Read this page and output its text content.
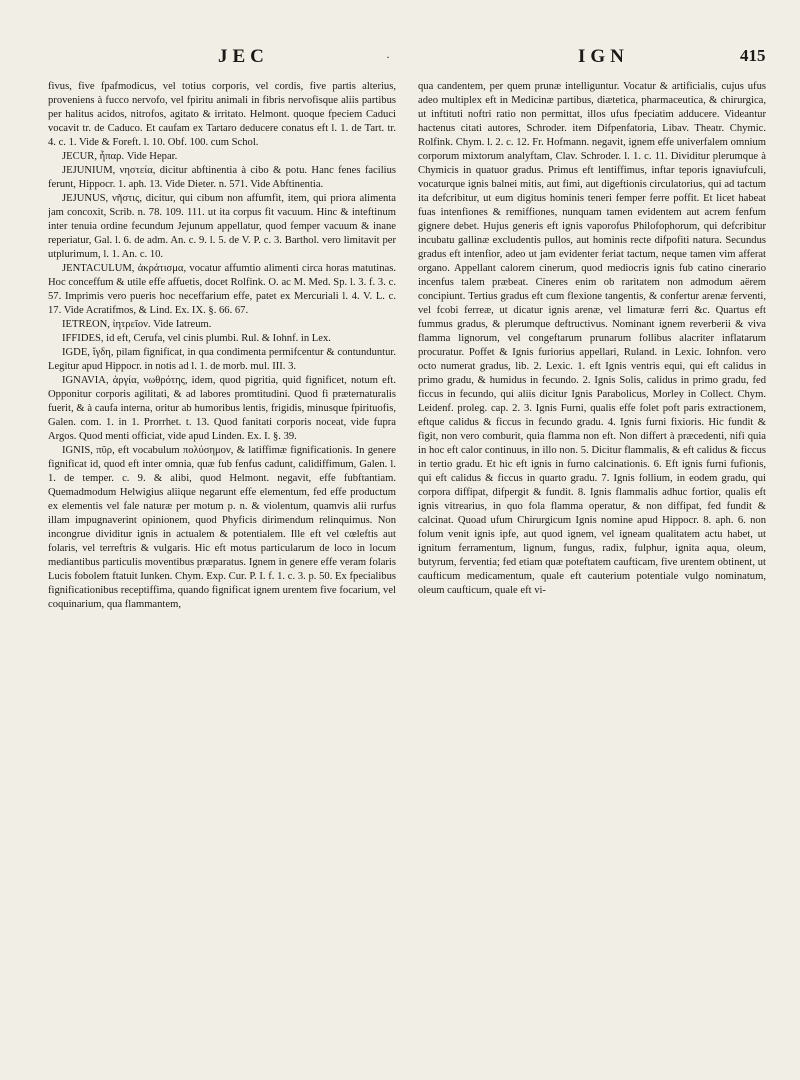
JEC	·	IGN	415

fivus, five fpafmodicus, vel totius corporis, vel cordis, five partis alterius, proveniens à fucco nervofo, vel fpiritu animali in fibris nervofisque aliis partibus per halitus acidos, nitrofos, agitato & irritato. Helmont. quoque fpeciem Caduci vocavit tr. de Caduco. Et caufam ex Tartaro deducere conatus eft l. 1. de Tart. tr. 4. c. 1. Vide & Foreft. l. 10. Obf. 100. cum Schol.

JECUR, ἧπαρ. Vide Hepar.

JEJUNIUM, νηστεία, dicitur abftinentia à cibo & potu. Hanc fenes facilius ferunt, Hippocr. 1. aph. 13. Vide Dieter. n. 571. Vide Abftinentia.

JEJUNUS, νῆστις, dicitur, qui cibum non affumfit, item, qui priora alimenta jam concoxit, Scrib. n. 78. 109. 111. ut ita corpus fit vacuum. Hinc & inteftinum inter tenuia ordine fecundum Jejunum appellatur, quod femper vacuum & inane reperiatur, Gal. l. 6. de adm. An. c. 9. l. 5. de V. P. c. 3. Barthol. vero limitavit per utplurimum, l. 1. An. c. 10.

JENTACULUM, ἀκράτισμα, vocatur affumtio alimenti circa horas matutinas. Hoc conceffum & utile effe affuetis, docet Rolfink. O. ac M. Med. Sp. l. 3. f. 3. c. 57. Imprimis vero pueris hoc neceffarium effe, patet ex Mercuriali l. 4. V. L. c. 17. Vide Acratifmos, & Lind. Ex. IX. §. 66. 67.

IETREON, ἰητρεῖον. Vide Iatreum.

IFFIDES, id eft, Cerufa, vel cinis plumbi. Rul. & Iohnf. in Lex.

IGDE, ἴγδη, pilam fignificat, in qua condimenta permifcentur & contunduntur. Legitur apud Hippocr. in notis ad l. 1. de morb. mul. III. 3.

IGNAVIA, ἀργία, νωθρότης, idem, quod pigritia, quid fignificet, notum eft. Opponitur corporis agilitati, & ad labores promtitudini. Quod fi præternaturalis fuerit, & à caufa interna, oritur ab humoribus lentis, frigidis, minusque fpirituofis, Galen. com. 1. in 1. Prorrhet. t. 13. Quod fanitati corporis noceat, vide fupra Argos. Quod menti officiat, vide apud Linden. Ex. I. §. 39.

IGNIS, πῦρ, eft vocabulum πολύσημον, & latiffimæ fignificationis. In genere fignificat id, quod eft inter omnia, quæ fub fenfus cadunt, calidiffimum, Galen. l. 1. de temper. c. 9. & alibi, quod Helmont. negavit, effe fubftantiam. Quemadmodum Helwigius aliique negarunt effe elementum, fed effe productum ex elementis vel fale naturæ per motum p. n. & violentum, quamvis alii rurfus illam impugnaverint opinionem, quod Phyficis dirimendum relinquimus. Non incongrue dividitur ignis in actualem & potentialem. Ille eft vel cœleftis aut folaris, vel terreftris & vulgaris. Hic eft motus particularum de loco in locum mediantibus particulis moventibus præparatus. Ignem in genere effe veram folaris Lucis fobolem ftatuit Iunken. Chym. Exp. Cur. P. I. f. 1. c. 3. p. 50. Ex fpecialibus fignificationibus receptiffima, quando fignificat ignem urentem five focarium, vel coquinarium, qua flammantem,

qua candentem, per quem prunæ intelliguntur. Vocatur & artificialis, cujus ufus adeo multiplex eft in Medicinæ partibus, diætetica, pharmaceutica, & chirurgica, ut inftituti noftri ratio non permittat, illos ufus fpeciatim adducere. Videantur hactenus citati autores, Schroder. item Difpenfatoria, Libav. Theatr. Chymic. Rolfink. Chym. l. 2. c. 12. Fr. Hofmann. negavit, ignem effe univerfalem omnium corporum mixtorum analyftam, Clav. Schroder. l. 1. c. 11. Dividitur plerumque à Chymicis in quatuor gradus. Primus eft lentiffimus, inftar teporis ignaviufculi, vocaturque ignis balnei mitis, aut fimi, aut digeftionis circulatorius, qui ad tactum ita defcribitur, ut eum digitus hominis teneri femper ferre poffit. Et licet habeat fuas intenfiones & remiffiones, nunquam tamen evidentem aut acrem fenfum gignere debet. Hujus generis eft ignis vaporofus Philofophorum, qui defcribitur incubatu gallinæ excludentis pullos, aut hominis recte difpofiti natura. Secundus gradus eft intenfior, adeo ut jam evidenter feriat tactum, neque tamen vim afferat organo. Appellant calorem cinerum, quod mediocris ignis fub catino cinerario incenfus talem præbeat. Cineres enim ob raritatem non admodum aërem concipiunt. Tertius gradus eft cum flexione tangentis, & confertur arenæ ferventi, vel fcobi ferreæ, ut dicatur ignis arenæ, vel limaturæ ferri &c. Quartus eft fummus gradus, & plerumque deftructivus. Nominant ignem reverberii & viva flamma lignorum, vel congeftarum prunarum follibus alacriter inflatarum procuratur. Poffet & Ignis furiorius appellari, Ruland. in Lexic. Iohnfon. vero octo numerat gradus, lib. 2. Lexic. 1. eft Ignis ventris equi, qui eft calidus in primo gradu, & humidus in fecundo. 2. Ignis Solis, calidus in primo gradu, fed ficcus in fecundo, qui aliis dicitur Ignis Parabolicus, Morley in Collect. Chym. Leidenf. proleg. cap. 2. 3. Ignis Furni, qualis effe folet poft paris extractionem, eftque calidus & ficcus in fecundo gradu. 4. Ignis furni fixioris. Hic fundit & figit, non vero comburit, quia flamma non eft. Non differt à præcedenti, nifi quia in hoc eft calor continuus, in illo non. 5. Dicitur flammalis, & eft calidus & ficcus in tertio gradu. Et hic eft ignis in furno calcinationis. 6. Eft ignis furni fufionis, qui eft calidus & ficcus in quarto gradu. 7. Ignis follium, in eodem gradu, qui corpora diffipat, difpergit & fundit. 8. Ignis flammalis adhuc fortior, qualis eft ignis vitrearius, in quo fola flamma operatur, & non diffipat, fed fundit & calcinat. Quoad ufum Chirurgicum Ignis nomine apud Hippocr. 8. aph. 6. non folum venit ignis ipfe, aut quod ignem, vel igneam qualitatem actu habet, ut ignitum ferramentum, lignum, fungus, radix, fulphur, ignita aqua, oleum, butyrum, ferventia; fed etiam quæ poteftatem caufticam, five urentem obtinent, ut caufticum medicamentum, quale eft cauterium potentiale vulgo nominatum, oleum caufticum, quale eft vi-
